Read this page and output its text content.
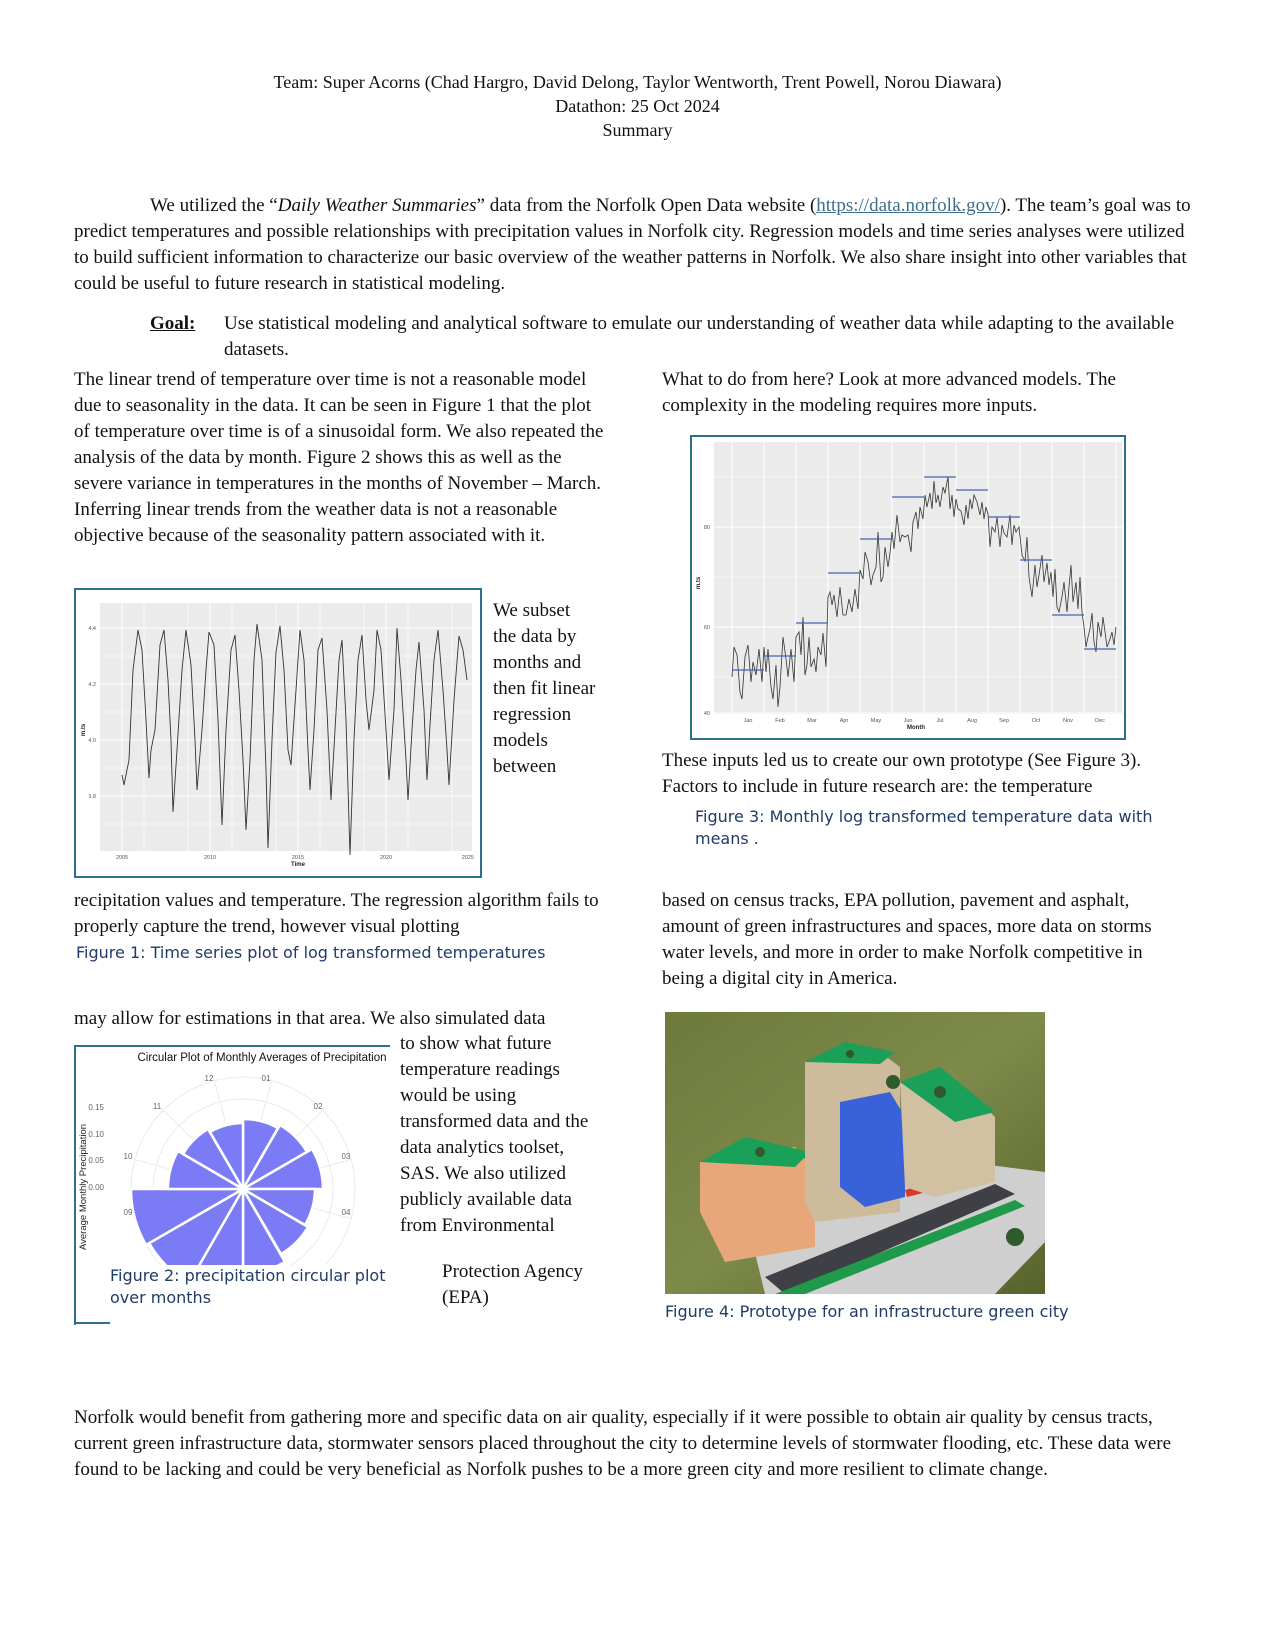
Team: Super Acorns (Chad Hargro, David Delong, Taylor Wentworth, Trent Powell, Norou Diawara)
Datathon: 25 Oct 2024
Summary
We utilized the “Daily Weather Summaries” data from the Norfolk Open Data website (https://data.norfolk.gov/). The team’s goal was to predict temperatures and possible relationships with precipitation values in Norfolk city. Regression models and time series analyses were utilized to build sufficient information to characterize our basic overview of the weather patterns in Norfolk. We also share insight into other variables that could be useful to future research in statistical modeling.
Goal:	Use statistical modeling and analytical software to emulate our understanding of weather data while adapting to the available datasets.
The linear trend of temperature over time is not a reasonable model due to seasonality in the data. It can be seen in Figure 1 that the plot of temperature over time is of a sinusoidal form. We also repeated the analysis of the data by month. Figure 2 shows this as well as the severe variance in temperatures in the months of November – March. Inferring linear trends from the weather data is not a reasonable objective because of the seasonality pattern associated with it.
4.4
4.2
4.0
3.8
2005	2010	2015	2020	2025
Time
m.ts
We subset the data by months and then fit linear regression models between
recipitation values and temperature. The regression algorithm fails to properly capture the trend, however visual plotting
Figure 1: Time series plot of log transformed temperatures
may allow for estimations in that area. We also simulated data
Circular Plot of Monthly Averages of Precipitation
12	01
11	02
10	03
09	04
0.15
0.10
0.05
0.00
Average Monthly Precipitation
Figure 2: precipitation circular plot over months
to show what future temperature readings would be using transformed data and the data analytics toolset, SAS. We also utilized publicly available data from Environmental
Protection Agency (EPA)
What to do from here? Look at more advanced models. The complexity in the modeling requires more inputs.
80
60
40
Jan	Feb	Mar	Apr	May	Jun	Jul	Aug	Sep	Oct	Nov	Dec
Month
m.ts
These inputs led us to create our own prototype (See Figure 3). Factors to include in future research are: the temperature
Figure 3: Monthly log transformed temperature data with means .
based on census tracks, EPA pollution, pavement and asphalt, amount of green infrastructures and spaces, more data on storms water levels, and more in order to make Norfolk competitive in being a digital city in America.
Figure 4: Prototype for an infrastructure green city
Norfolk would benefit from gathering more and specific data on air quality, especially if it were possible to obtain air quality by census tracts, current green infrastructure data, stormwater sensors placed throughout the city to determine levels of stormwater flooding, etc. These data were found to be lacking and could be very beneficial as Norfolk pushes to be a more green city and more resilient to climate change.
